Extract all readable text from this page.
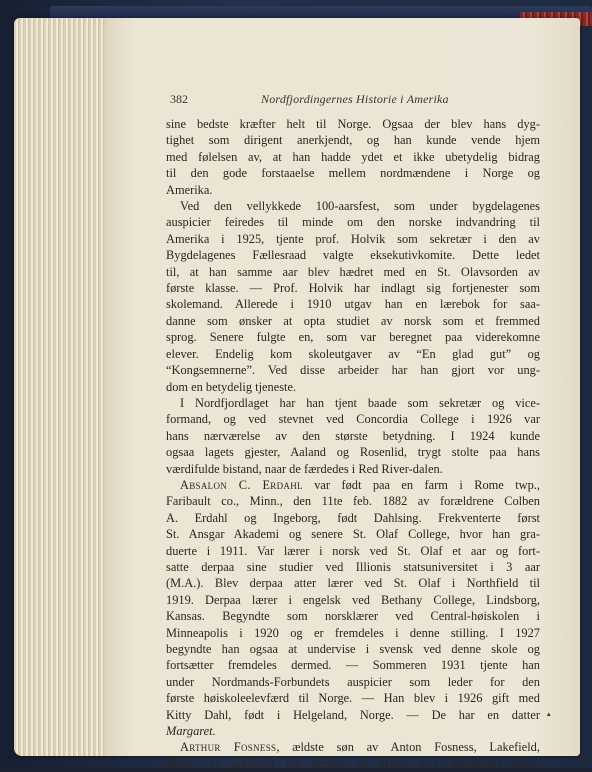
382	Nordfjordingernes Historie i Amerika
sine bedste kræfter helt til Norge. Ogsaa der blev hans dyg-
tighet som dirigent anerkjendt, og han kunde vende hjem
med følelsen av, at han hadde ydet et ikke ubetydelig bidrag
til den gode forstaaelse mellem nordmændene i Norge og
Amerika.
Ved den vellykkede 100-aarsfest, som under bygdelagenes
auspicier feiredes til minde om den norske indvandring til
Amerika i 1925, tjente prof. Holvik som sekretær i den av
Bygdelagenes Fællesraad valgte eksekutivkomite. Dette ledet
til, at han samme aar blev hædret med en St. Olavsorden av
første klasse. — Prof. Holvik har indlagt sig fortjenester som
skolemand. Allerede i 1910 utgav han en lærebok for saa-
danne som ønsker at opta studiet av norsk som et fremmed
sprog. Senere fulgte en, som var beregnet paa viderekomne
elever. Endelig kom skoleutgaver av “En glad gut” og
“Kongsemnerne”. Ved disse arbeider har han gjort vor ung-
dom en betydelig tjeneste.
I Nordfjordlaget har han tjent baade som sekretær og vice-
formand, og ved stevnet ved Concordia College i 1926 var
hans nærværelse av den største betydning. I 1924 kunde
ogsaa lagets gjester, Aaland og Rosenlid, trygt stolte paa hans
værdifulde bistand, naar de færdedes i Red River-dalen.
Absalon C. Erdahl var født paa en farm i Rome twp.,
Faribault co., Minn., den 11te feb. 1882 av forældrene Colben
A. Erdahl og Ingeborg, født Dahlsing. Frekventerte først
St. Ansgar Akademi og senere St. Olaf College, hvor han gra-
duerte i 1911. Var lærer i norsk ved St. Olaf et aar og fort-
satte derpaa sine studier ved Illionis statsuniversitet i 3 aar
(M.A.). Blev derpaa atter lærer ved St. Olaf i Northfield til
1919. Derpaa lærer i engelsk ved Bethany College, Lindsborg,
Kansas. Begyndte som norsklærer ved Central-høiskolen i
Minneapolis i 1920 og er fremdeles i denne stilling. I 1927
begyndte han ogsaa at undervise i svensk ved denne skole og
fortsætter fremdeles dermed. — Sommeren 1931 tjente han
under Nordmands-Forbundets auspicier som leder for den
første høiskoleelevfærd til Norge. — Han blev i 1926 gift med
Kitty Dahl, født i Helgeland, Norge. — De har en datter
Margaret.
Arthur Fosness, ældste søn av Anton Fosness, Lakefield,
Minn., er graduent fra School of Mines ved Minnesota stats-
▴
